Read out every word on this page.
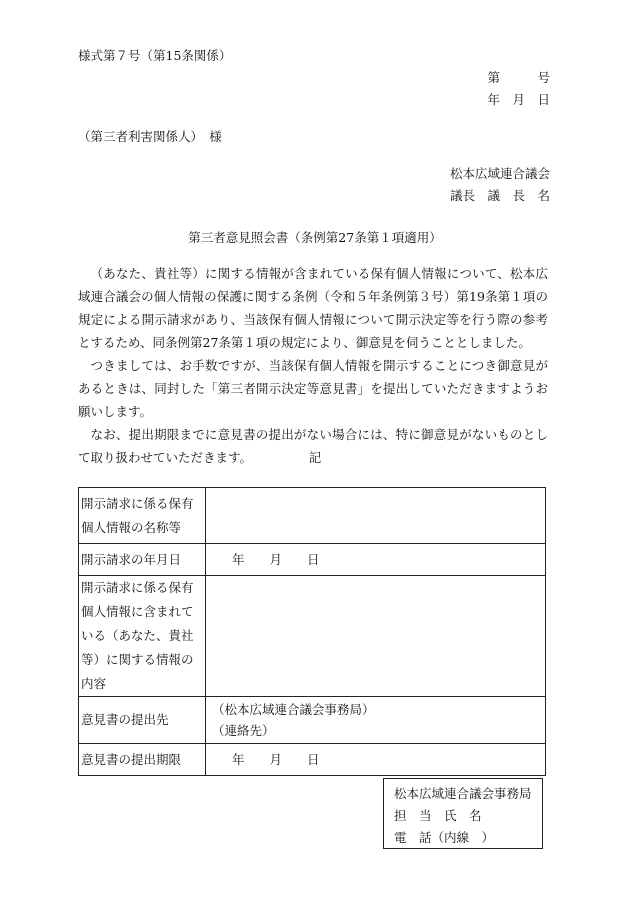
様式第７号（第15条関係）
第　　　号
年　月　日
（第三者利害関係人）　様
松本広域連合議会
議長　議　長　名
第三者意見照会書（条例第27条第１項適用）

（あなた、貴社等）に関する情報が含まれている保有個人情報について、松本広域連合議会の個人情報の保護に関する条例（令和５年条例第３号）第19条第１項の規定による開示請求があり、当該保有個人情報について開示決定等を行う際の参考とするため、同条例第27条第１項の規定により、御意見を伺うこととしました。

つきましては、お手数ですが、当該保有個人情報を開示することにつき御意見があるときは、同封した「第三者開示決定等意見書」を提出していただきますようお願いします。

なお、提出期限までに意見書の提出がない場合には、特に御意見がないものとして取り扱わせていただきます。	記
開示請求に係る保有個人情報の名称等	
開示請求の年月日	年　　月　　日
開示請求に係る保有個人情報に含まれている（あなた、貴社等）に関する情報の内容	
意見書の提出先	（松本広域連合議会事務局）
（連絡先）

意見書の提出期限	年　　月　　日
松本広域連合議会事務局
担　当　氏　名
電　話（内線　）
